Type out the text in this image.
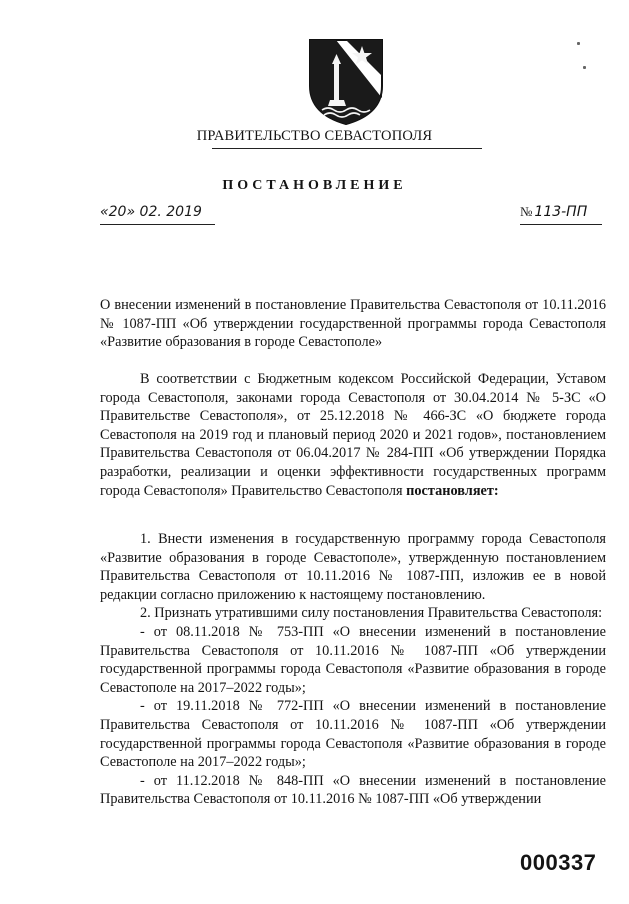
ПРАВИТЕЛЬСТВО СЕВАСТОПОЛЯ
ПОСТАНОВЛЕНИЕ
«20» 02. 2019	№ 113-ПП
О внесении изменений в постановление Правительства Севастополя от 10.11.2016 № 1087-ПП «Об утверждении государственной программы города Севастополя «Развитие образования в городе Севастополе»
В соответствии с Бюджетным кодексом Российской Федерации, Уставом города Севастополя, законами города Севастополя от 30.04.2014 № 5-ЗС «О Правительстве Севастополя», от 25.12.2018 № 466-ЗС «О бюджете города Севастополя на 2019 год и плановый период 2020 и 2021 годов», постановлением Правительства Севастополя от 06.04.2017 № 284-ПП «Об утверждении Порядка разработки, реализации и оценки эффективности государственных программ города Севастополя» Правительство Севастополя постановляет:

1. Внести изменения в государственную программу города Севастополя «Развитие образования в городе Севастополе», утвержденную постановлением Правительства Севастополя от 10.11.2016 № 1087-ПП, изложив ее в новой редакции согласно приложению к настоящему постановлению.

2. Признать утратившими силу постановления Правительства Севастополя:

- от 08.11.2018 № 753-ПП «О внесении изменений в постановление Правительства Севастополя от 10.11.2016 № 1087-ПП «Об утверждении государственной программы города Севастополя «Развитие образования в городе Севастополе на 2017–2022 годы»;

- от 19.11.2018 № 772-ПП «О внесении изменений в постановление Правительства Севастополя от 10.11.2016 № 1087-ПП «Об утверждении государственной программы города Севастополя «Развитие образования в городе Севастополе на 2017–2022 годы»;

- от 11.12.2018 № 848-ПП «О внесении изменений в постановление Правительства Севастополя от 10.11.2016 № 1087-ПП «Об утверждении

000337
